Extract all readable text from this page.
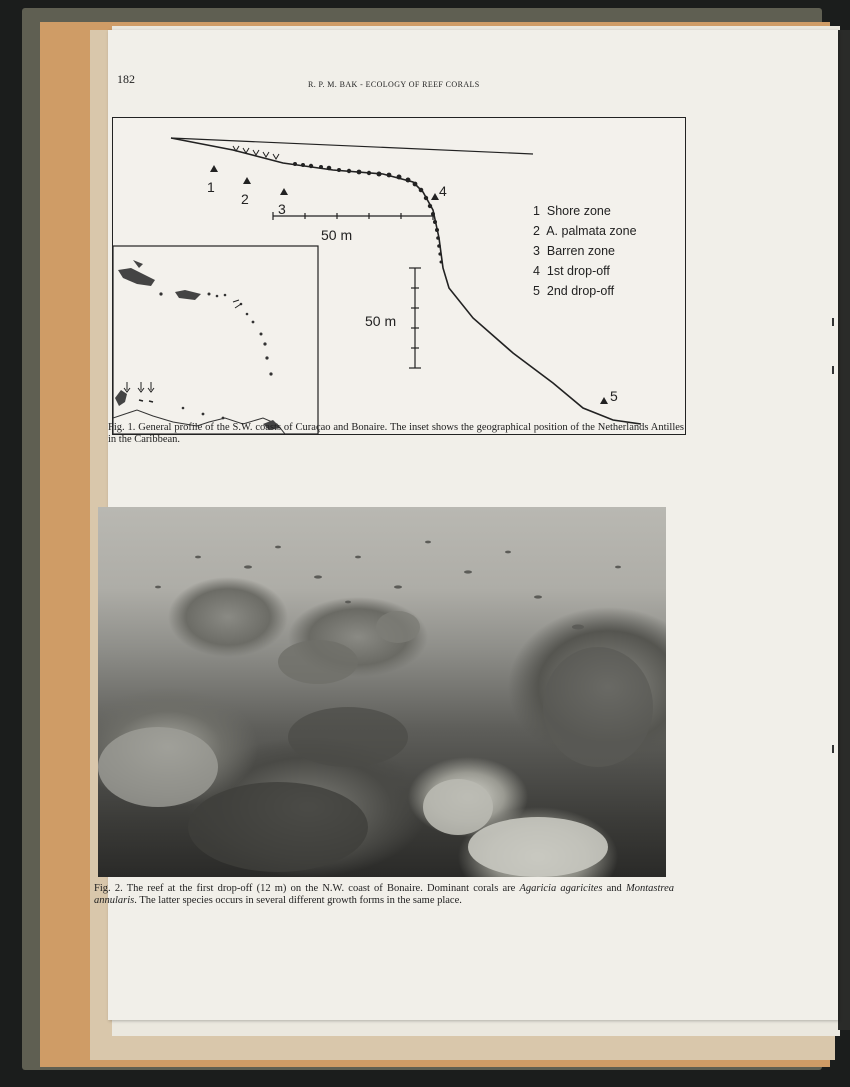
182	R. P. M. BAK - ECOLOGY OF REEF CORALS
1
2
3
4
5
50 m
50 m
1  Shore zone
2  A. palmata zone
3  Barren zone
4  1st drop-off
5  2nd drop-off
Fig. 1. General profile of the S.W. coasts of Curaçao and Bonaire. The inset shows the geographical position of the Netherlands Antilles in the Caribbean.
Fig. 2. The reef at the first drop-off (12 m) on the N.W. coast of Bonaire. Dominant corals are Agaricia agaricites and Montastrea annularis. The latter species occurs in several different growth forms in the same place.
